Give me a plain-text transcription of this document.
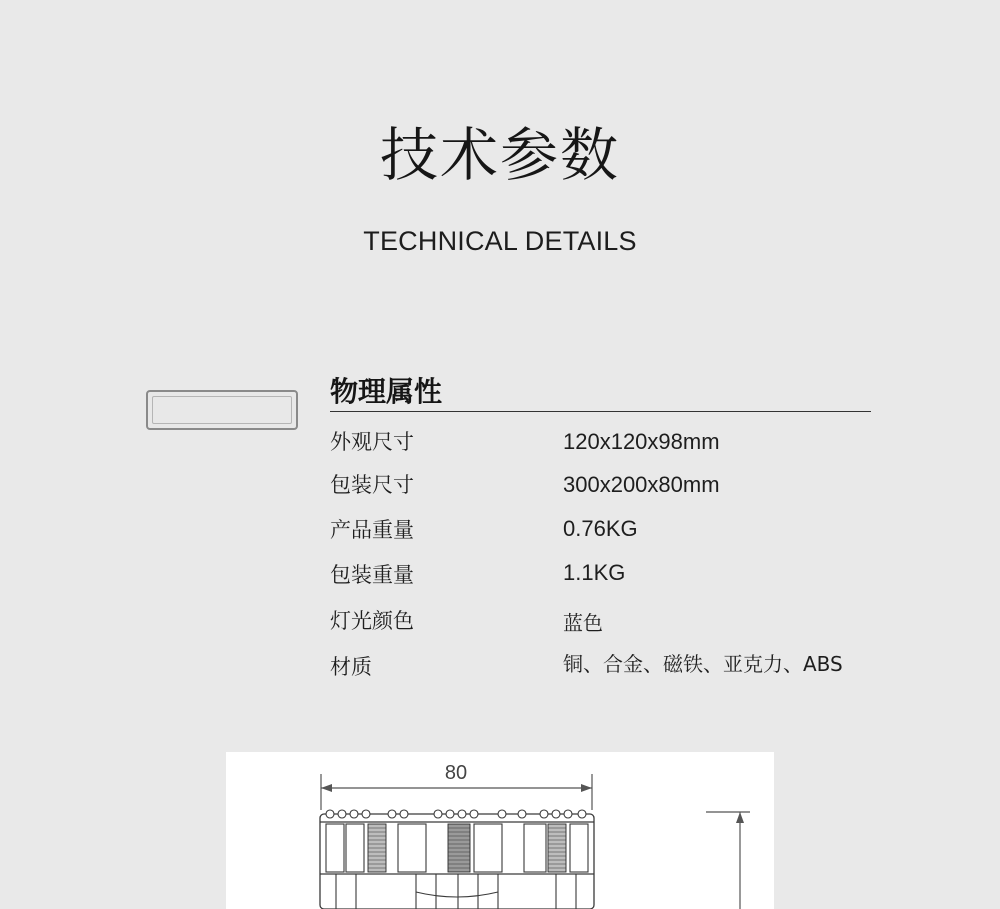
技术参数
TECHNICAL DETAILS
物理属性
外观尺寸	120x120x98mm
包装尺寸	300x200x80mm
产品重量	0.76KG
包装重量	1.1KG
灯光颜色	蓝色
材质	铜、合金、磁铁、亚克力、ABS
80
